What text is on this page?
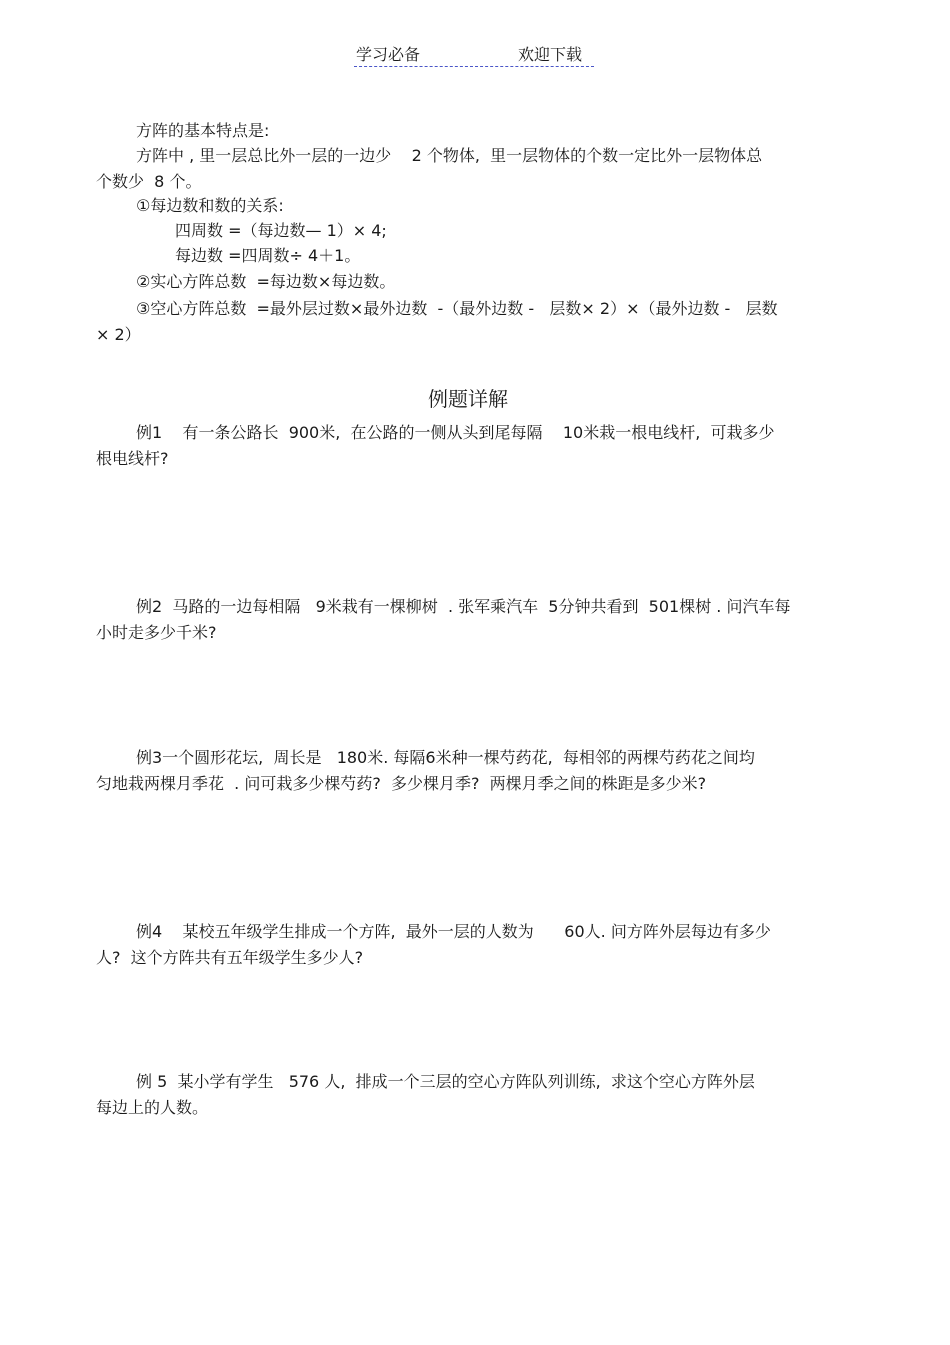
学习必备	欢迎下载
方阵的基本特点是:
方阵中 , 里一层总比外一层的一边少    2 个物体,  里一层物体的个数一定比外一层物体总
个数少  8 个。
①每边数和数的关系:
四周数 =（每边数— 1）× 4;
每边数 =四周数÷ 4＋1。
②实心方阵总数  =每边数×每边数。
③空心方阵总数  =最外层过数×最外边数  -（最外边数 -   层数× 2）×（最外边数 -   层数
× 2）
例题详解
例1    有一条公路长  900米,  在公路的一侧从头到尾每隔    10米栽一根电线杆,  可栽多少
根电线杆?
例2  马路的一边每相隔   9米栽有一棵柳树  . 张军乘汽车  5分钟共看到  501棵树 . 问汽车每
小时走多少千米?
例3一个圆形花坛,  周长是   180米. 每隔6米种一棵芍药花,  每相邻的两棵芍药花之间均
匀地栽两棵月季花  . 问可栽多少棵芍药?  多少棵月季?  两棵月季之间的株距是多少米?
例4    某校五年级学生排成一个方阵,  最外一层的人数为      60人. 问方阵外层每边有多少
人?  这个方阵共有五年级学生多少人?
例 5  某小学有学生   576 人,  排成一个三层的空心方阵队列训练,  求这个空心方阵外层
每边上的人数。
